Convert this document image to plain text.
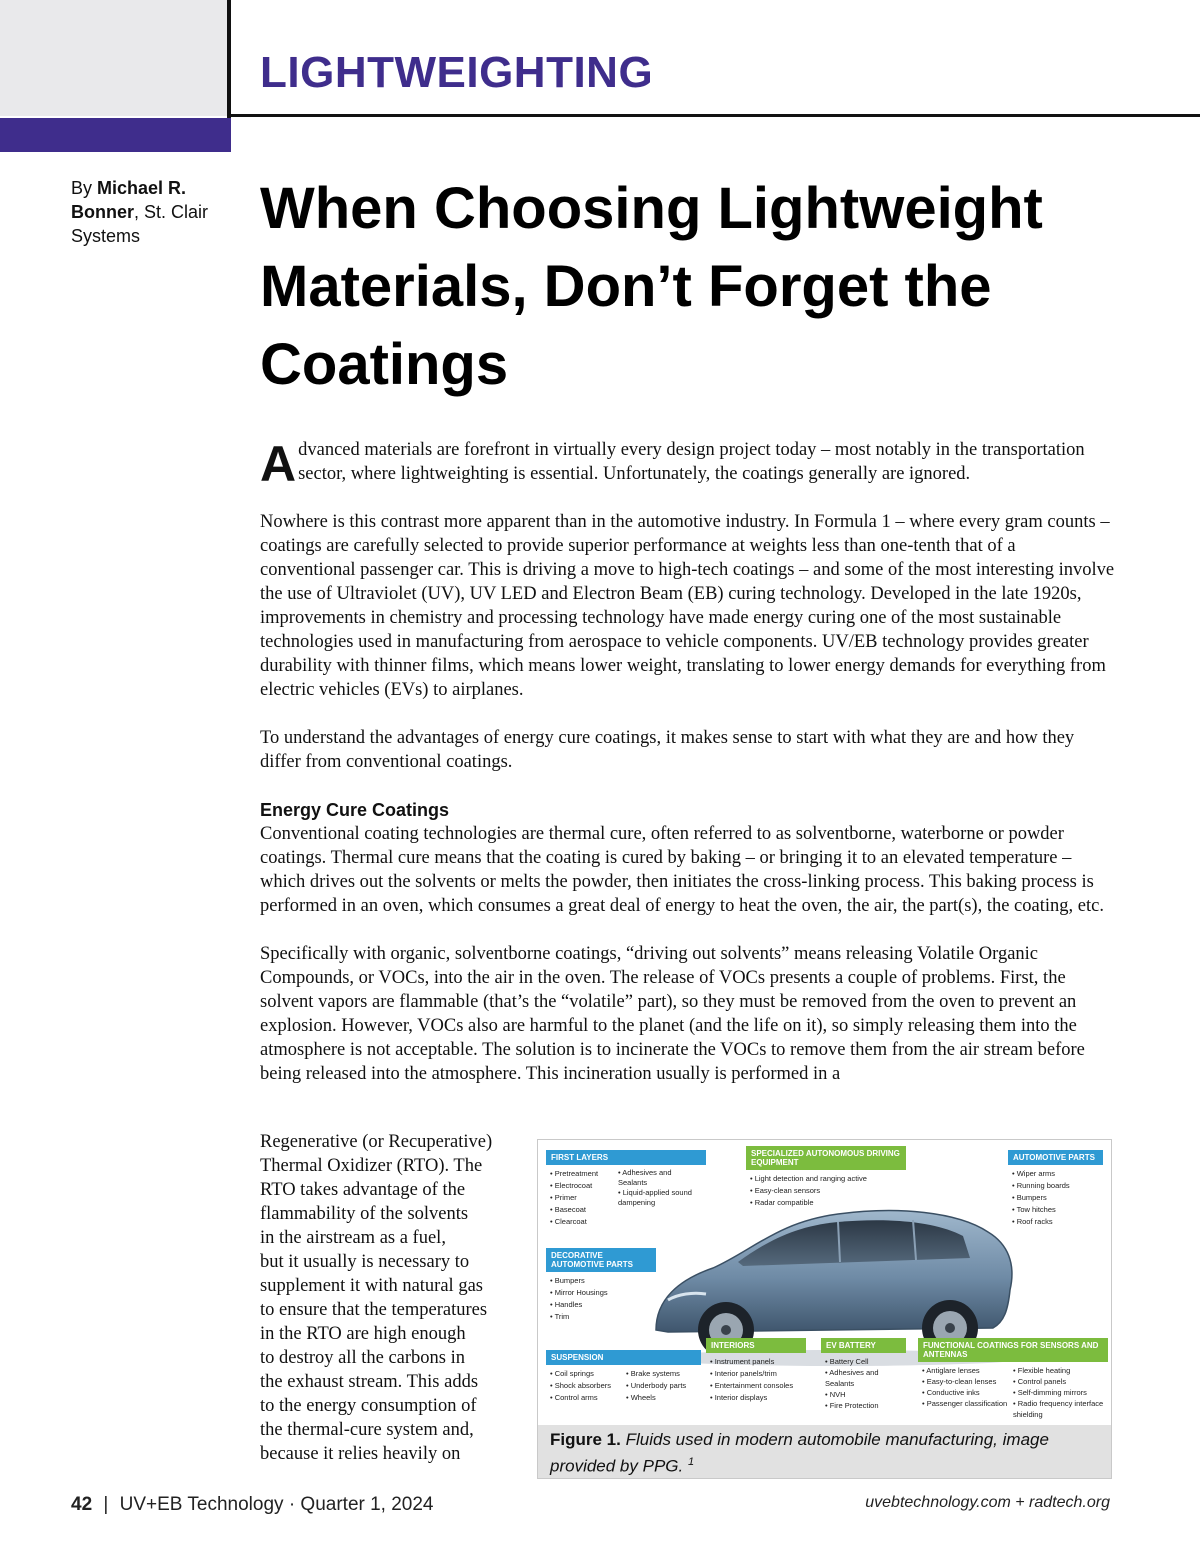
LIGHTWEIGHTING
By Michael R. Bonner, St. Clair Systems	When Choosing Lightweight Materials, Don’t Forget the Coatings

Advanced materials are forefront in virtually every design project today – most notably in the transportation sector, where lightweighting is essential. Unfortunately, the coatings generally are ignored.

Nowhere is this contrast more apparent than in the automotive industry. In Formula 1 – where every gram counts – coatings are carefully selected to provide superior performance at weights less than one-tenth that of a conventional passenger car. This is driving a move to high-tech coatings – and some of the most interesting involve the use of Ultraviolet (UV), UV LED and Electron Beam (EB) curing technology. Developed in the late 1920s, improvements in chemistry and processing technology have made energy curing one of the most sustainable technologies used in manufacturing from aerospace to vehicle components. UV/EB technology provides greater durability with thinner films, which means lower weight, translating to lower energy demands for everything from electric vehicles (EVs) to airplanes.

To understand the advantages of energy cure coatings, it makes sense to start with what they are and how they differ from conventional coatings.

Energy Cure Coatings

Conventional coating technologies are thermal cure, often referred to as solventborne, waterborne or powder coatings. Thermal cure means that the coating is cured by baking – or bringing it to an elevated temperature – which drives out the solvents or melts the powder, then initiates the cross-linking process. This baking process is performed in an oven, which consumes a great deal of energy to heat the oven, the air, the part(s), the coating, etc.

Specifically with organic, solventborne coatings, “driving out solvents” means releasing Volatile Organic Compounds, or VOCs, into the air in the oven. The release of VOCs presents a couple of problems. First, the solvent vapors are flammable (that’s the “volatile” part), so they must be removed from the oven to prevent an explosion. However, VOCs also are harmful to the planet (and the life on it), so simply releasing them into the atmosphere is not acceptable. The solution is to incinerate the VOCs to remove them from the air stream before being released into the atmosphere. This incineration usually is performed in a

Regenerative (or Recuperative)
Thermal Oxidizer (RTO). The
RTO takes advantage of the
flammability of the solvents
in the airstream as a fuel,
but it usually is necessary to
supplement it with natural gas
to ensure that the temperatures
in the RTO are high enough
to destroy all the carbons in
the exhaust stream. This adds
to the energy consumption of
the thermal-cure system and,
because it relies heavily on
FIRST LAYERS
• Pretreatment
• Electrocoat
• Primer
• Basecoat
• Clearcoat
• Adhesives and Sealants
• Liquid-applied sound dampening
SPECIALIZED AUTONOMOUS DRIVING EQUIPMENT
• Light detection and ranging active
• Easy-clean sensors
• Radar compatible
AUTOMOTIVE PARTS
• Wiper arms
• Running boards
• Bumpers
• Tow hitches
• Roof racks
DECORATIVE AUTOMOTIVE PARTS
• Bumpers
• Mirror Housings
• Handles
• Trim
SUSPENSION
• Coil springs
• Shock absorbers
• Control arms
• Brake systems
• Underbody parts
• Wheels
INTERIORS
• Instrument panels
• Interior panels/trim
• Entertainment consoles
• Interior displays
EV BATTERY
• Battery Cell
• Adhesives and Sealants
• NVH
• Fire Protection
FUNCTIONAL COATINGS FOR SENSORS AND ANTENNAS
• Antiglare lenses
• Easy-to-clean lenses
• Conductive inks
• Passenger classification
• Flexible heating
• Control panels
• Self-dimming mirrors
• Radio frequency interface shielding
Figure 1. Fluids used in modern automobile manufacturing, image provided by PPG. $^1$
42 | UV+EB Technology · Quarter 1, 2024	uvebtechnology.com + radtech.org
